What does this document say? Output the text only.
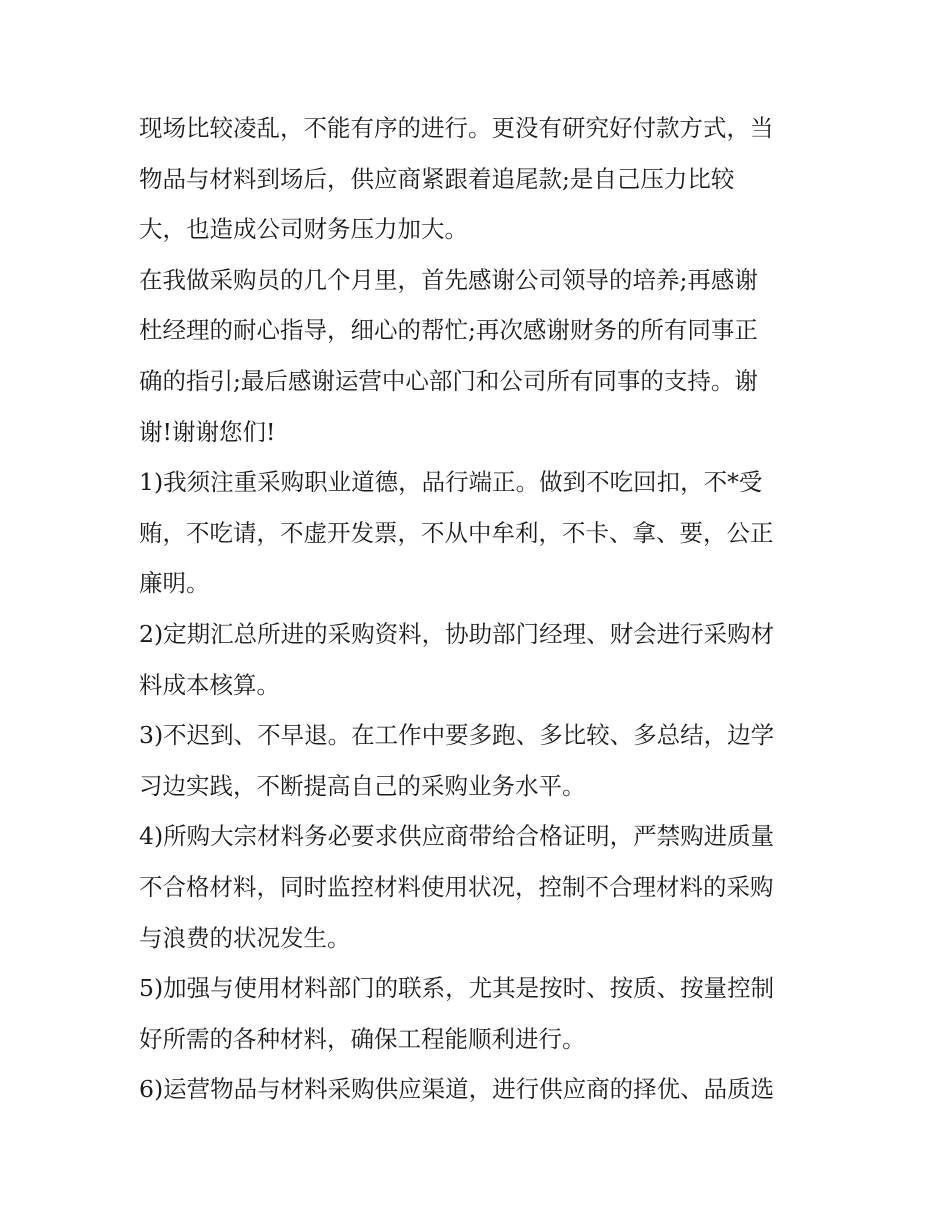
现场比较凌乱，不能有序的进行。更没有研究好付款方式，当
物品与材料到场后，供应商紧跟着追尾款;是自己压力比较
大，也造成公司财务压力加大。
在我做采购员的几个月里，首先感谢公司领导的培养;再感谢
杜经理的耐心指导，细心的帮忙;再次感谢财务的所有同事正
确的指引;最后感谢运营中心部门和公司所有同事的支持。谢
谢!谢谢您们!
1)我须注重采购职业道德，品行端正。做到不吃回扣，不*受
贿，不吃请，不虚开发票，不从中牟利，不卡、拿、要，公正
廉明。
2)定期汇总所进的采购资料，协助部门经理、财会进行采购材
料成本核算。
3)不迟到、不早退。在工作中要多跑、多比较、多总结，边学
习边实践，不断提高自己的采购业务水平。
4)所购大宗材料务必要求供应商带给合格证明，严禁购进质量
不合格材料，同时监控材料使用状况，控制不合理材料的采购
与浪费的状况发生。
5)加强与使用材料部门的联系，尤其是按时、按质、按量控制
好所需的各种材料，确保工程能顺利进行。
6)运营物品与材料采购供应渠道，进行供应商的择优、品质选
